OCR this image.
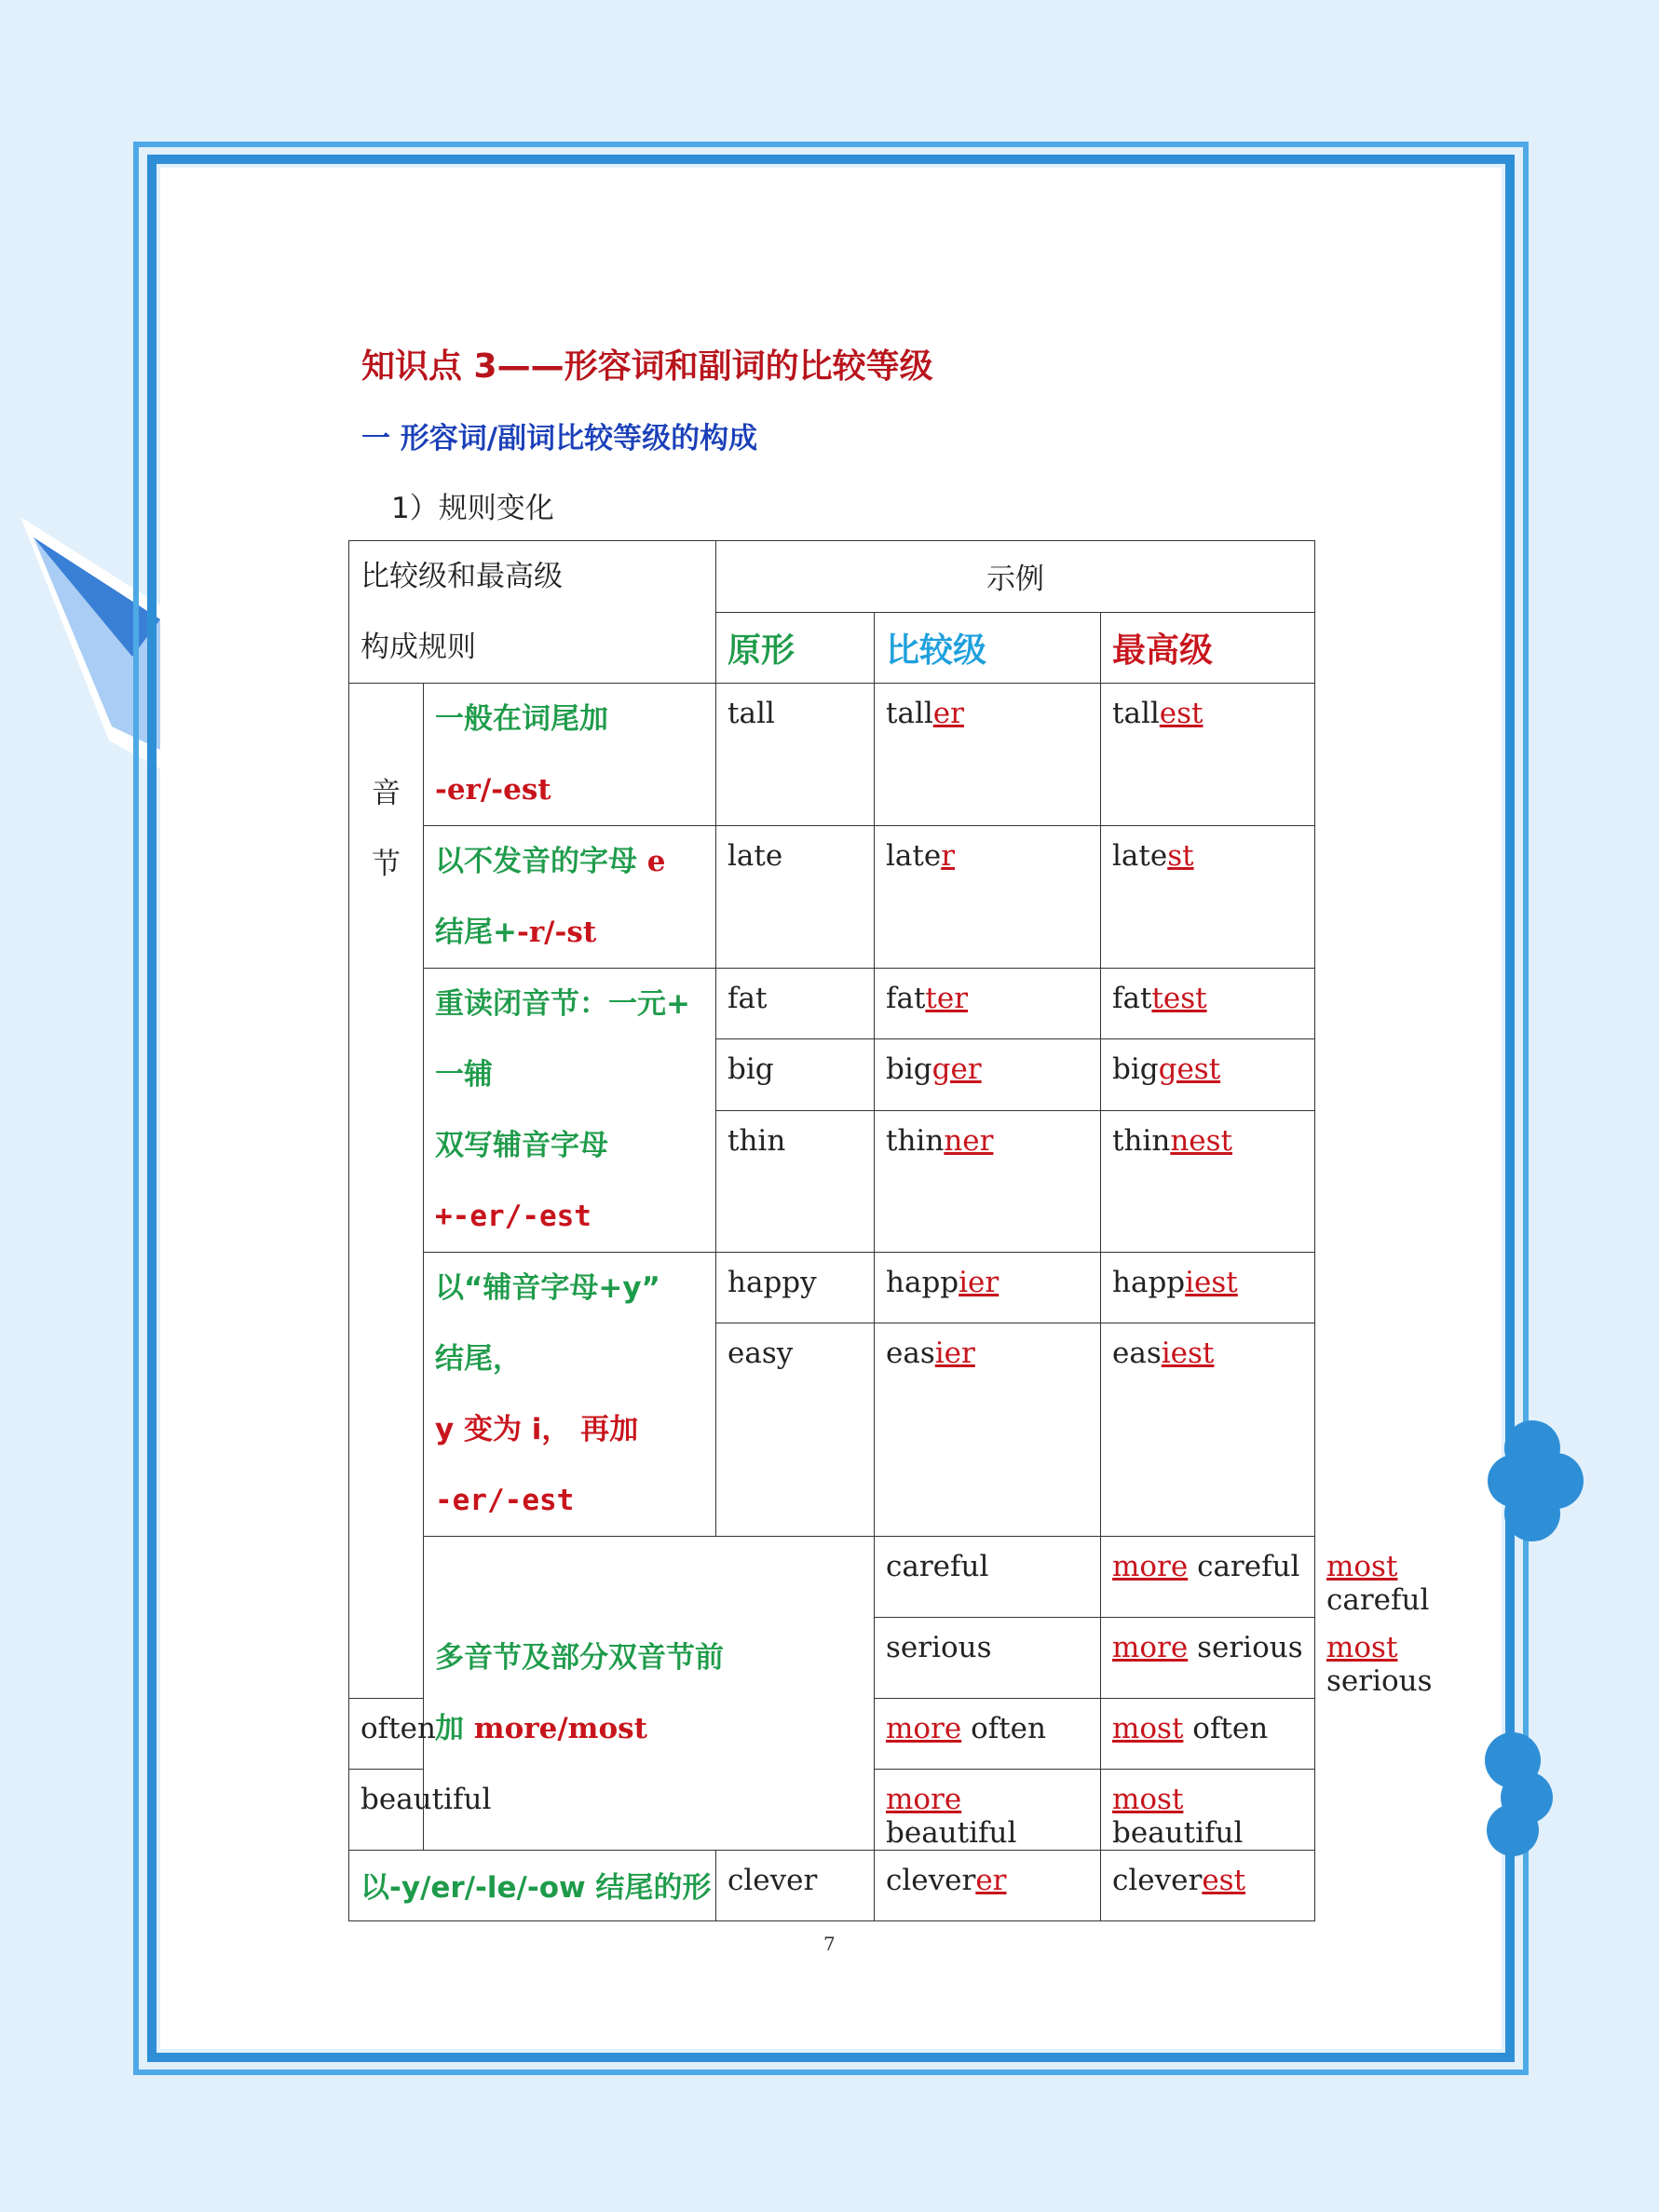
知识点 3——形容词和副词的比较等级
一 形容词/副词比较等级的构成
1）规则变化
比较级和最高级
构成规则		示例			
		原形	比较级	最高级	

音
节	一般在词尾加
-er/-est	tall	taller	tallest	

	以不发音的字母 e
结尾+-r/-st	late	later	latest	

	重读闭音节：一元+
一辅
双写辅音字母
+-er/-est	fat	fatter	fattest	
		big	bigger	biggest	
		thin	thinner	thinnest	

	以“辅音字母+y”
结尾，
y 变为 i， 再加
-er/-est	happy	happier	happiest	
		easy	easier	easiest	

	多音节及部分双音节前
加 more/most		careful	more careful	most careful
			serious	more serious	most serious
often			more often	most often	
beautiful			more beautiful	most beautiful	
以-y/er/-le/-ow 结尾的形		clever	cleverer	cleverest	
7
